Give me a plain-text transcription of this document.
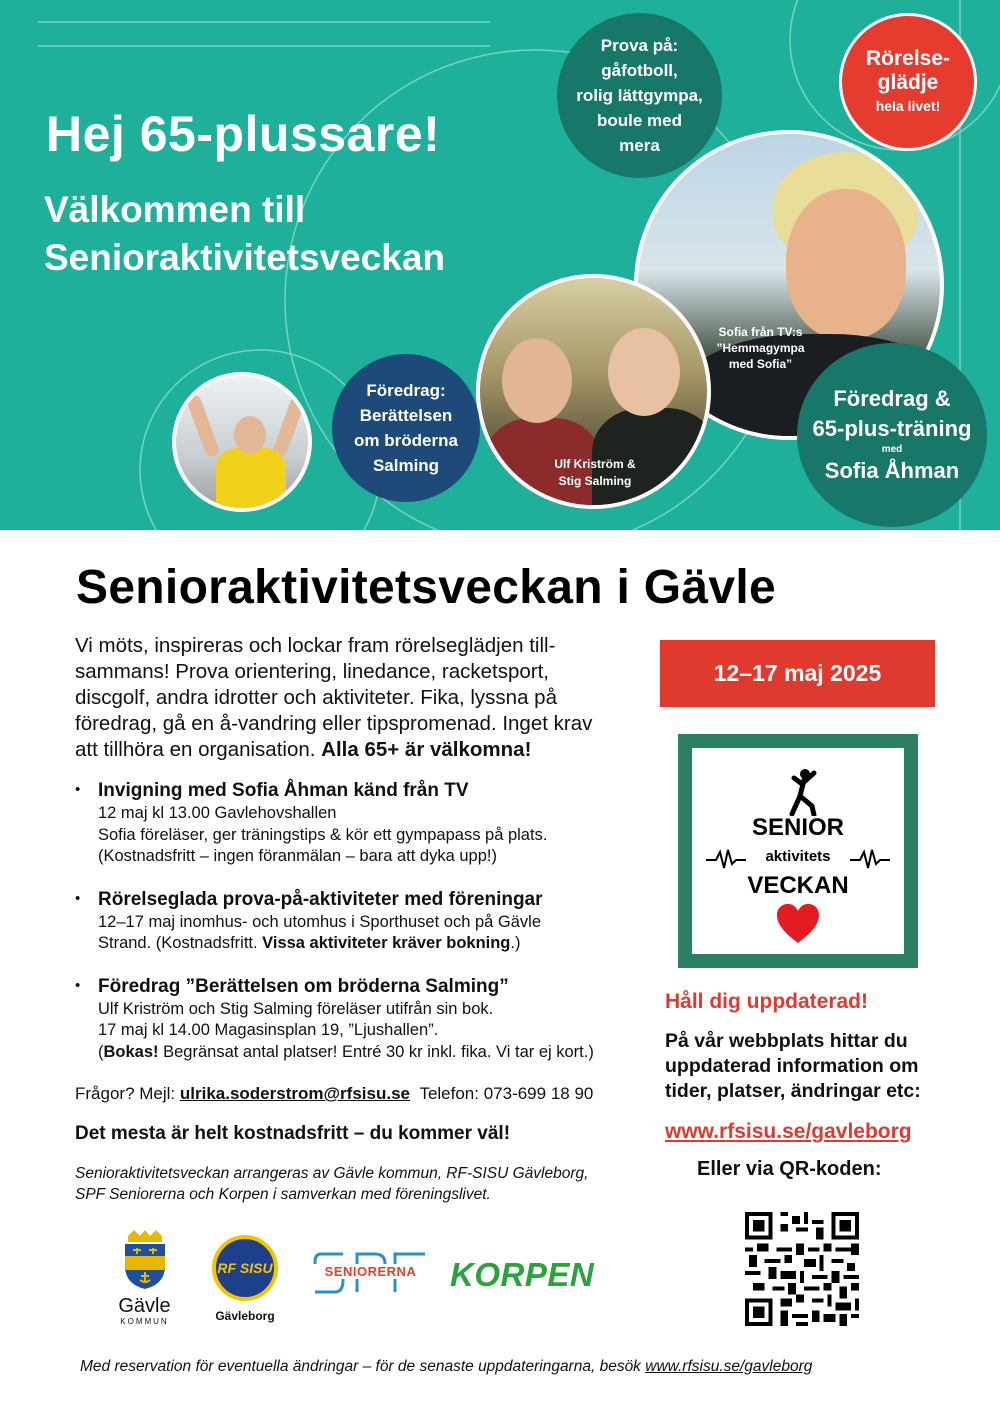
Hej 65-plussare!
Välkommen till
Senioraktivitetsveckan
Sofia från TV:s
”Hemmagympa
med Sofia”
Ulf Kriström &
Stig Salming
Prova på:
gåfotboll,
rolig lättgympa,
boule med
mera
Rörelse-
glädje
hela livet!
Föredrag:
Berättelsen
om bröderna
Salming
Föredrag &
65-plus-träning
med
Sofia Åhman
Senioraktivitetsveckan i Gävle
Vi möts, inspireras och lockar fram rörelseglädjen till-
sammans! Prova orientering, linedance, racketsport,
discgolf, andra idrotter och aktiviteter. Fika, lyssna på
föredrag, gå en å-vandring eller tipspromenad. Inget krav
att tillhöra en organisation. Alla 65+ är välkomna!
• Invigning med Sofia Åhman känd från TV
12 maj kl 13.00 Gavlehovshallen
Sofia föreläser, ger träningstips & kör ett gympapass på plats.
(Kostnadsfritt – ingen föranmälan – bara att dyka upp!)
• Rörelseglada prova-på-aktiviteter med föreningar
12–17 maj inomhus- och utomhus i Sporthuset och på Gävle
Strand. (Kostnadsfritt. Vissa aktiviteter kräver bokning.)
• Föredrag ”Berättelsen om bröderna Salming”
Ulf Kriström och Stig Salming föreläser utifrån sin bok.
17 maj kl 14.00 Magasinsplan 19, ”Ljushallen”.
(Bokas! Begränsat antal platser! Entré 30 kr inkl. fika. Vi tar ej kort.)
Frågor? Mejl: ulrika.soderstrom@rfsisu.se Telefon: 073-699 18 90
Det mesta är helt kostnadsfritt – du kommer väl!
Senioraktivitetsveckan arrangeras av Gävle kommun, RF-SISU Gävleborg,
SPF Seniorerna och Korpen i samverkan med föreningslivet.
Gävle
KOMMUN
RF SISU
Gävleborg
SENIORERNA	KORPEN
12–17 maj 2025
SENIOR
aktivitets
VECKAN
Håll dig uppdaterad!
På vår webbplats hittar du
uppdaterad information om
tider, platser, ändringar etc:
www.rfsisu.se/gavleborg
Eller via QR-koden:
Med reservation för eventuella ändringar – för de senaste uppdateringarna, besök www.rfsisu.se/gavleborg
